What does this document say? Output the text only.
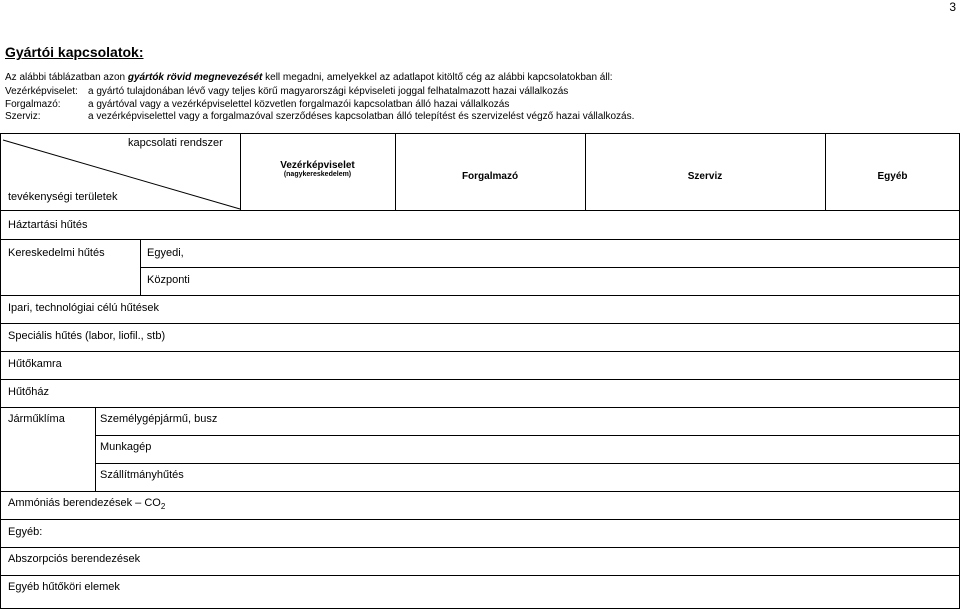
3
Gyártói kapcsolatok:
Az alábbi táblázatban azon gyártók rövid megnevezését kell megadni, amelyekkel az adatlapot kitöltő cég az alábbi kapcsolatokban áll:
Vezérképviselet: a gyártó tulajdonában lévő vagy teljes körű magyarországi képviseleti joggal felhatalmazott hazai vállalkozás
Forgalmazó:	a gyártóval vagy a vezérképviselettel közvetlen forgalmazói kapcsolatban álló hazai vállalkozás
Szerviz:	a vezérképviselettel vagy a forgalmazóval szerződéses kapcsolatban álló telepítést és szervizelést végző hazai vállalkozás.
kapcsolati rendszer
tevékenységi területek
Vezérképviselet
(nagykereskedelem)	Forgalmazó	Szerviz	Egyéb
Háztartási hűtés
Kereskedelmi hűtés	Egyedi,
Központi
Ipari, technológiai célú hűtések
Speciális hűtés (labor, liofil., stb)
Hűtőkamra
Hűtőház
Járműklíma	Személygépjármű, busz
Munkagép
Szállítmányhűtés
Ammóniás berendezések – $CO_2$
Egyéb:
Abszorpciós berendezések
Egyéb hűtőköri elemek
